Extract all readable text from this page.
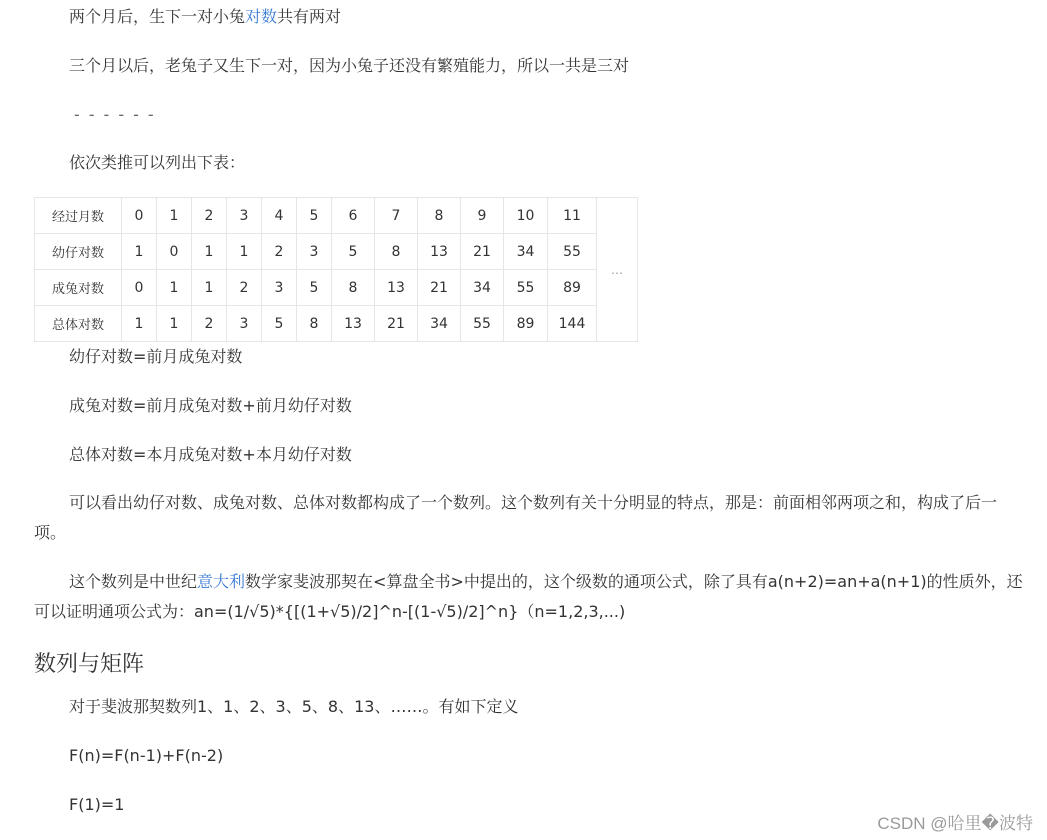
两个月后，生下一对小兔对数共有两对
三个月以后，老兔子又生下一对，因为小兔子还没有繁殖能力，所以一共是三对
------
依次类推可以列出下表：
经过月数	0	1	2	3	4	5	6	7	8	9	10	11	…
幼仔对数	1	0	1	1	2	3	5	8	13	21	34	55	
成兔对数	0	1	1	2	3	5	8	13	21	34	55	89	
总体对数	1	1	2	3	5	8	13	21	34	55	89	144	
幼仔对数=前月成兔对数
成兔对数=前月成兔对数+前月幼仔对数
总体对数=本月成兔对数+本月幼仔对数
可以看出幼仔对数、成兔对数、总体对数都构成了一个数列。这个数列有关十分明显的特点，那是：前面相邻两项之和，构成了后一项。
这个数列是中世纪意大利数学家斐波那契在<算盘全书>中提出的，这个级数的通项公式，除了具有a(n+2)=an+a(n+1)的性质外，还可以证明通项公式为：an=(1/√5)*{[(1+√5)/2]^n-[(1-√5)/2]^n}（n=1,2,3,...)
数列与矩阵
对于斐波那契数列1、1、2、3、5、8、13、……。有如下定义
F(n)=F(n-1)+F(n-2)
F(1)=1
CSDN @哈里�波特
